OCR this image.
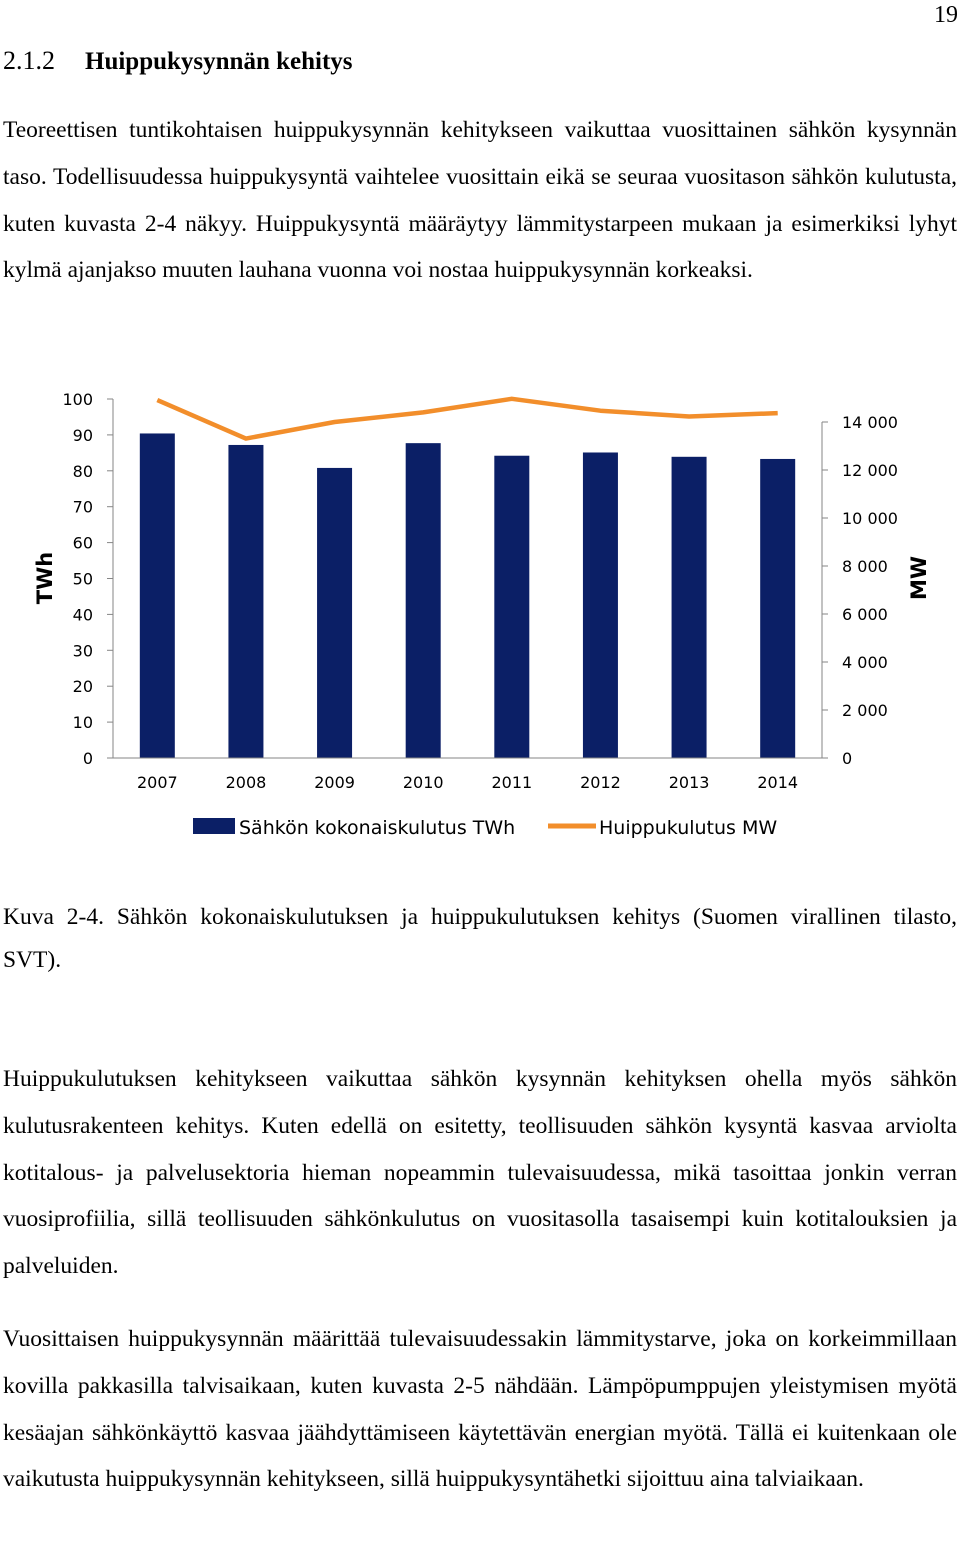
19
2.1.2 Huippukysynnän kehitys

Teoreettisen tuntikohtaisen huippukysynnän kehitykseen vaikuttaa vuosittainen sähkön kysynnän taso. Todellisuudessa huippukysyntä vaihtelee vuosittain eikä se seuraa vuositason sähkön kulutusta, kuten kuvasta 2-4 näkyy. Huippukysyntä määräytyy lämmitystarpeen mukaan ja esimerkiksi lyhyt kylmä ajanjakso muuten lauhana vuonna voi nostaa huippukysynnän korkeaksi.

0
10
20
30
40
50
60
70
80
90
100
0
2 000
4 000
6 000
8 000
10 000
12 000
14 000
2007	2008	2009	2010	2011	2012	2013	2014
TWh	MW
Sähkön kokonaiskulutus TWh	Huippukulutus MW

Kuva 2-4. Sähkön kokonaiskulutuksen ja huippukulutuksen kehitys (Suomen virallinen tilasto, SVT).

Huippukulutuksen kehitykseen vaikuttaa sähkön kysynnän kehityksen ohella myös sähkön kulutusrakenteen kehitys. Kuten edellä on esitetty, teollisuuden sähkön kysyntä kasvaa arviolta kotitalous- ja palvelusektoria hieman nopeammin tulevaisuudessa, mikä tasoittaa jonkin verran vuosiprofiilia, sillä teollisuuden sähkönkulutus on vuositasolla tasaisempi kuin kotitalouksien ja palveluiden.

Vuosittaisen huippukysynnän määrittää tulevaisuudessakin lämmitystarve, joka on korkeimmillaan kovilla pakkasilla talvisaikaan, kuten kuvasta 2-5 nähdään. Lämpöpumppujen yleistymisen myötä kesäajan sähkönkäyttö kasvaa jäähdyttämiseen käytettävän energian myötä. Tällä ei kuitenkaan ole vaikutusta huippukysynnän kehitykseen, sillä huippukysyntähetki sijoittuu aina talviaikaan.
